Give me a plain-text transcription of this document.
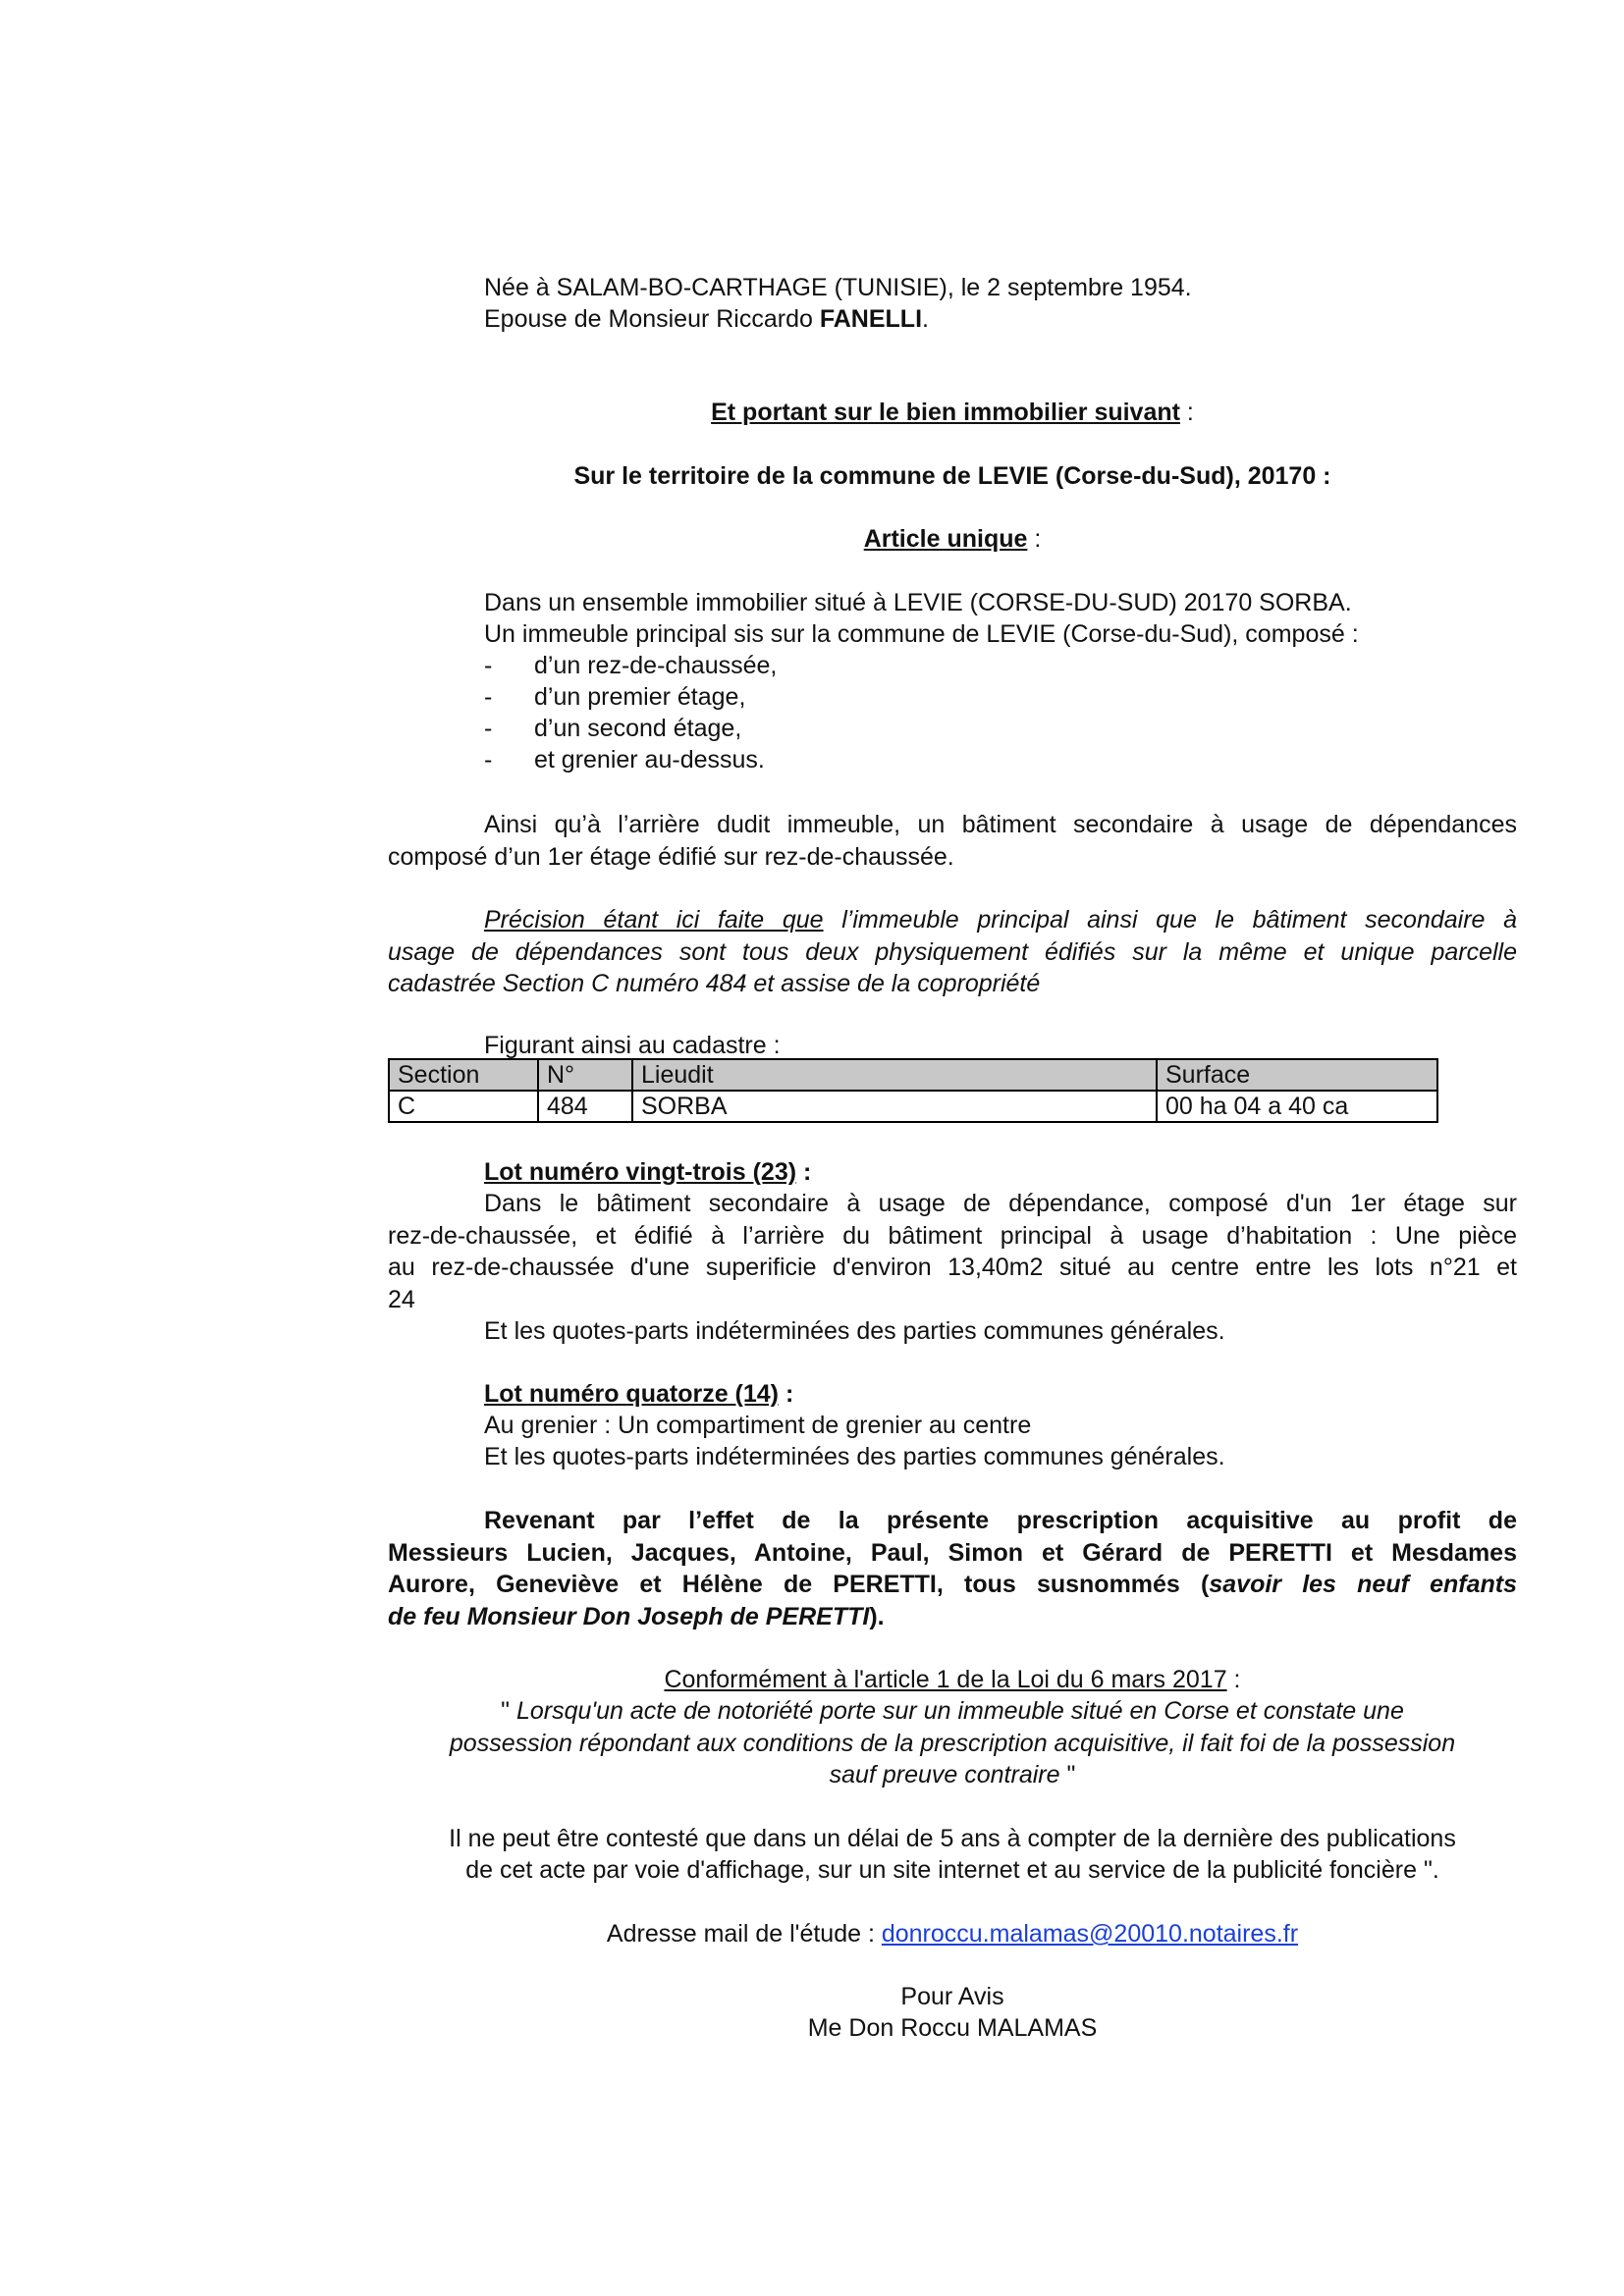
Née à SALAM-BO-CARTHAGE (TUNISIE), le 2 septembre 1954.
Epouse de Monsieur Riccardo FANELLI.
Et portant sur le bien immobilier suivant :
Sur le territoire de la commune de LEVIE (Corse-du-Sud), 20170 :
Article unique :
Dans un ensemble immobilier situé à LEVIE (CORSE-DU-SUD) 20170 SORBA.
Un immeuble principal sis sur la commune de LEVIE (Corse-du-Sud), composé :
- d’un rez-de-chaussée,
- d’un premier étage,
- d’un second étage,
- et grenier au-dessus.
Ainsi qu’à l’arrière dudit immeuble, un bâtiment secondaire à usage de dépendances
composé d’un 1er étage édifié sur rez-de-chaussée.
Précision étant ici faite que l’immeuble principal ainsi que le bâtiment secondaire à
usage de dépendances sont tous deux physiquement édifiés sur la même et unique parcelle
cadastrée Section C numéro 484 et assise de la copropriété
Figurant ainsi au cadastre :
Section	N°	Lieudit	Surface
C	484	SORBA	00 ha 04 a 40 ca
Lot numéro vingt-trois (23) :
Dans le bâtiment secondaire à usage de dépendance, composé d'un 1er étage sur
rez-de-chaussée, et édifié à l’arrière du bâtiment principal à usage d’habitation : Une pièce
au rez-de-chaussée d'une superificie d'environ 13,40m2 situé au centre entre les lots n°21 et
24
Et les quotes-parts indéterminées des parties communes générales.
Lot numéro quatorze (14) :
Au grenier : Un compartiment de grenier au centre
Et les quotes-parts indéterminées des parties communes générales.
Revenant par l’effet de la présente prescription acquisitive au profit de
Messieurs Lucien, Jacques, Antoine, Paul, Simon et Gérard de PERETTI et Mesdames
Aurore, Geneviève et Hélène de PERETTI, tous susnommés (savoir les neuf enfants
de feu Monsieur Don Joseph de PERETTI).
Conformément à l'article 1 de la Loi du 6 mars 2017 :
" Lorsqu'un acte de notoriété porte sur un immeuble situé en Corse et constate une
possession répondant aux conditions de la prescription acquisitive, il fait foi de la possession
sauf preuve contraire "
Il ne peut être contesté que dans un délai de 5 ans à compter de la dernière des publications
de cet acte par voie d'affichage, sur un site internet et au service de la publicité foncière ".
Adresse mail de l'étude : donroccu.malamas@20010.notaires.fr
Pour Avis
Me Don Roccu MALAMAS
